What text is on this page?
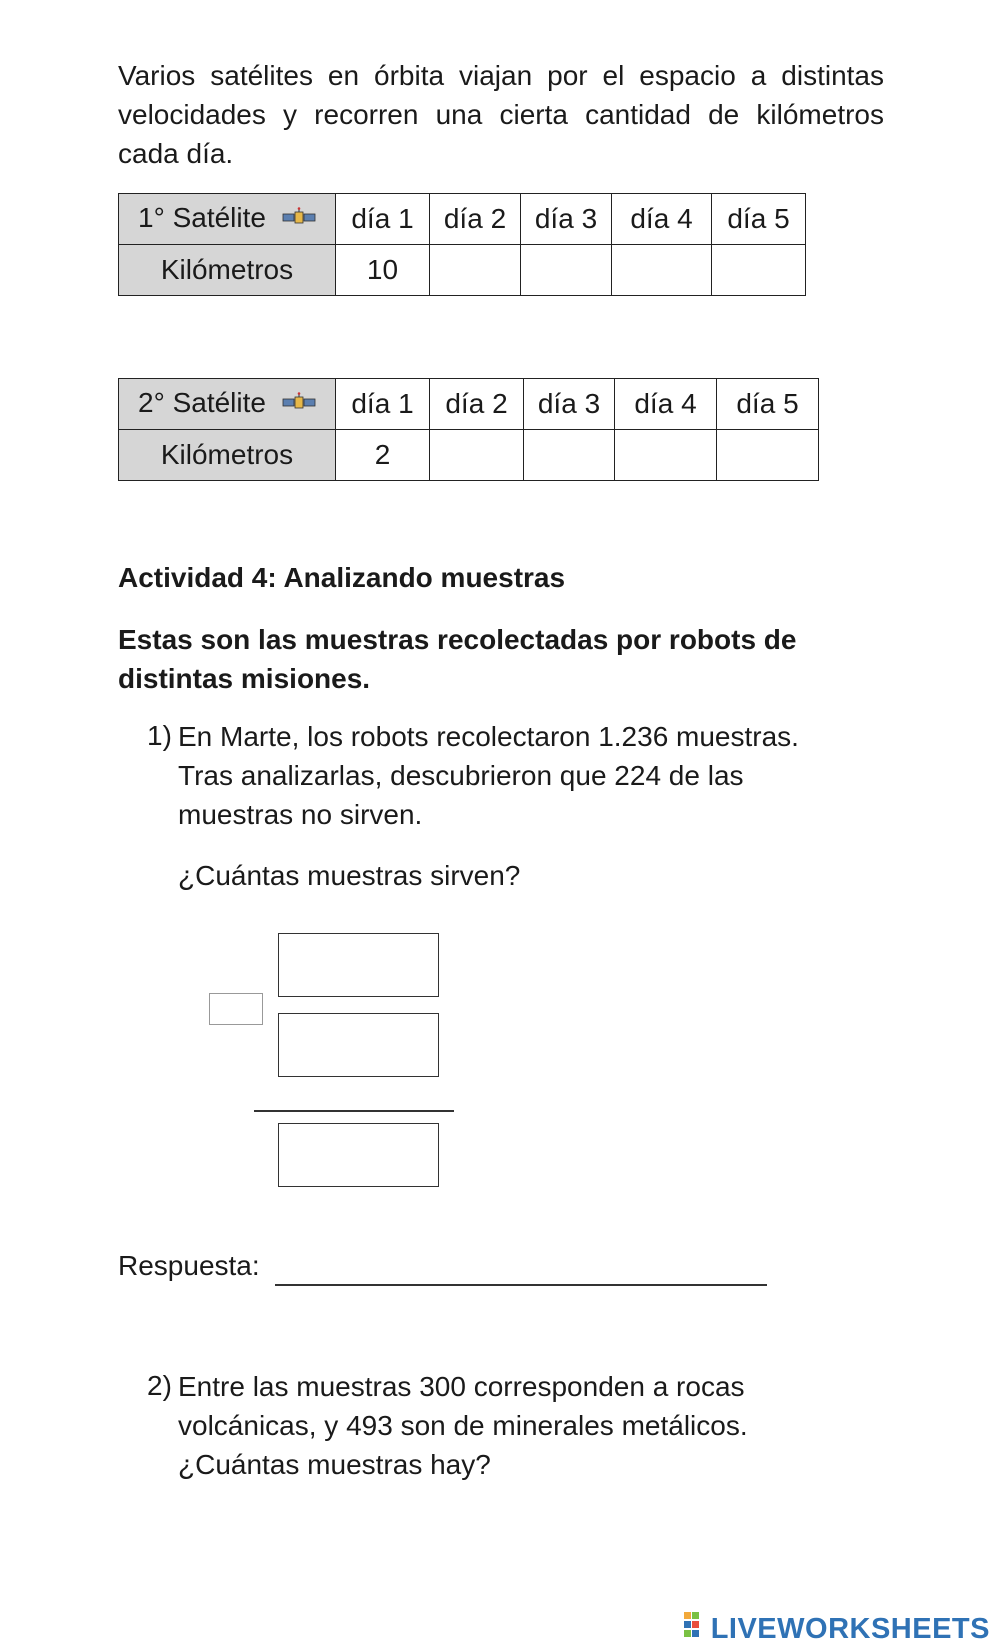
Varios satélites en órbita viajan por el espacio a distintas velocidades y recorren una cierta cantidad de kilómetros cada día.
1° Satélite	día 1	día 2	día 3	día 4	día 5
Kilómetros	10				
2° Satélite	día 1	día 2	día 3	día 4	día 5
Kilómetros	2				
Actividad 4: Analizando muestras
Estas son las muestras recolectadas por robots de distintas misiones.
1) En Marte, los robots recolectaron 1.236 muestras. Tras analizarlas, descubrieron que 224 de las muestras no sirven.
¿Cuántas muestras sirven?
Respuesta:
2) Entre las muestras 300 corresponden a rocas volcánicas, y 493 son de minerales metálicos.
¿Cuántas muestras hay?
LIVEWORKSHEETS
